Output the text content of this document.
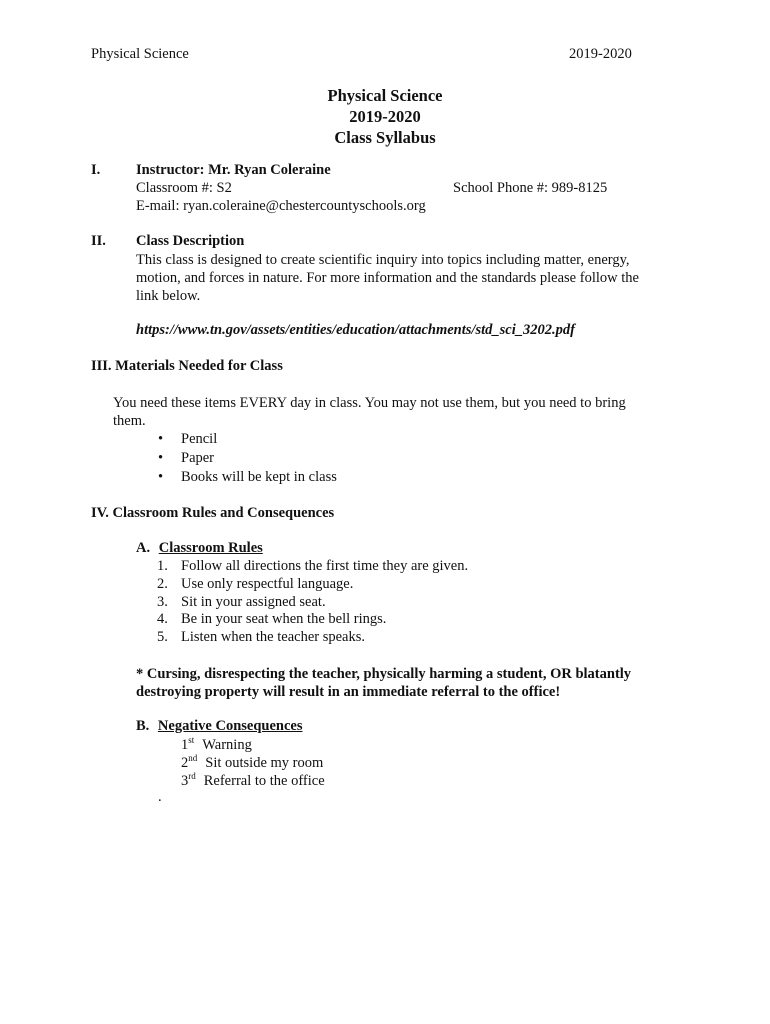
Physical Science	2019-2020
Physical Science
2019-2020
Class Syllabus
I. Instructor: Mr. Ryan Coleraine
Classroom #: S2	School Phone #: 989-8125
E-mail: ryan.coleraine@chestercountyschools.org
II. Class Description
This class is designed to create scientific inquiry into topics including matter, energy,
motion, and forces in nature. For more information and the standards please follow the
link below.
https://www.tn.gov/assets/entities/education/attachments/std_sci_3202.pdf
III. Materials Needed for Class
You need these items EVERY day in class. You may not use them, but you need to bring
them.
• Pencil
• Paper
• Books will be kept in class
IV. Classroom Rules and Consequences
A. Classroom Rules
1. Follow all directions the first time they are given.
2. Use only respectful language.
3. Sit in your assigned seat.
4. Be in your seat when the bell rings.
5. Listen when the teacher speaks.
* Cursing, disrespecting the teacher, physically harming a student, OR blatantly
destroying property will result in an immediate referral to the office!
B. Negative Consequences
1st Warning
2nd Sit outside my room
3rd Referral to the office
.
